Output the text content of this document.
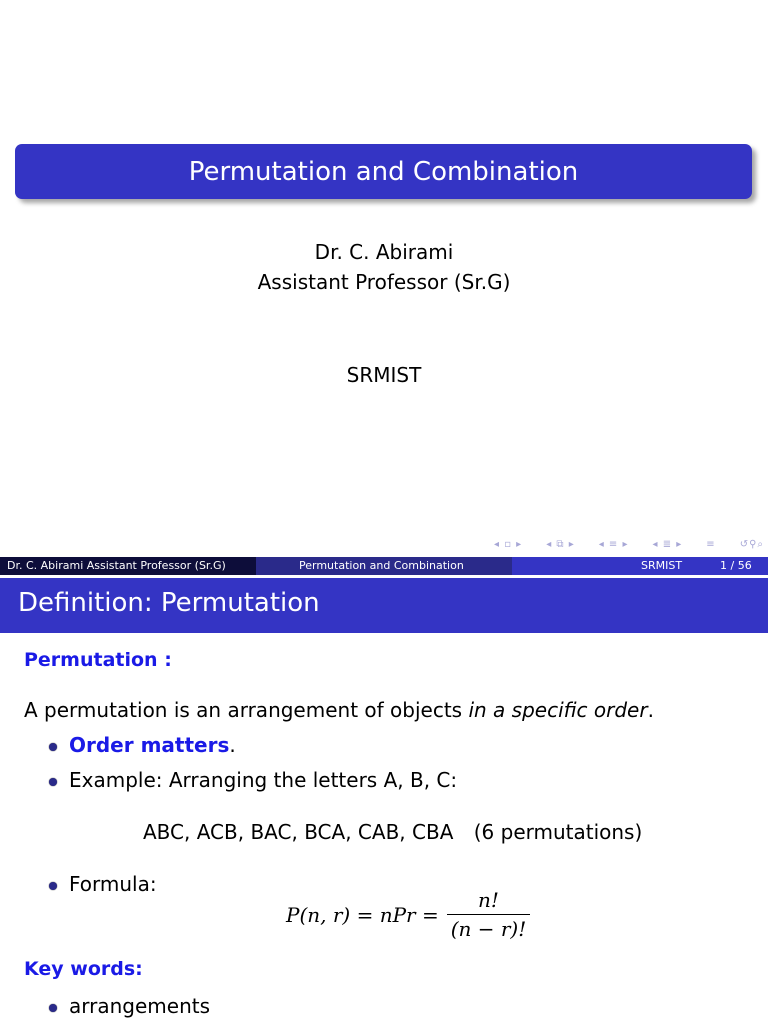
Permutation and Combination
Dr. C. Abirami
Assistant Professor (Sr.G)
SRMIST
◂ ▫ ▸ ◂ ⧉ ▸ ◂ ≡ ▸ ◂ ≣ ▸ ≡ ↺⚲⌕
Dr. C. Abirami Assistant Professor (Sr.G)	Permutation and Combination	SRMIST	1 / 56
Definition: Permutation
Permutation :
A permutation is an arrangement of objects in a specific order.
Order matters.
Example: Arranging the letters A, B, C:
ABC, ACB, BAC, BCA, CAB, CBA (6 permutations)
Formula:
P(n, r) = nPr = $\frac{n!}{(n - r)!}$
Key words:
arrangements
